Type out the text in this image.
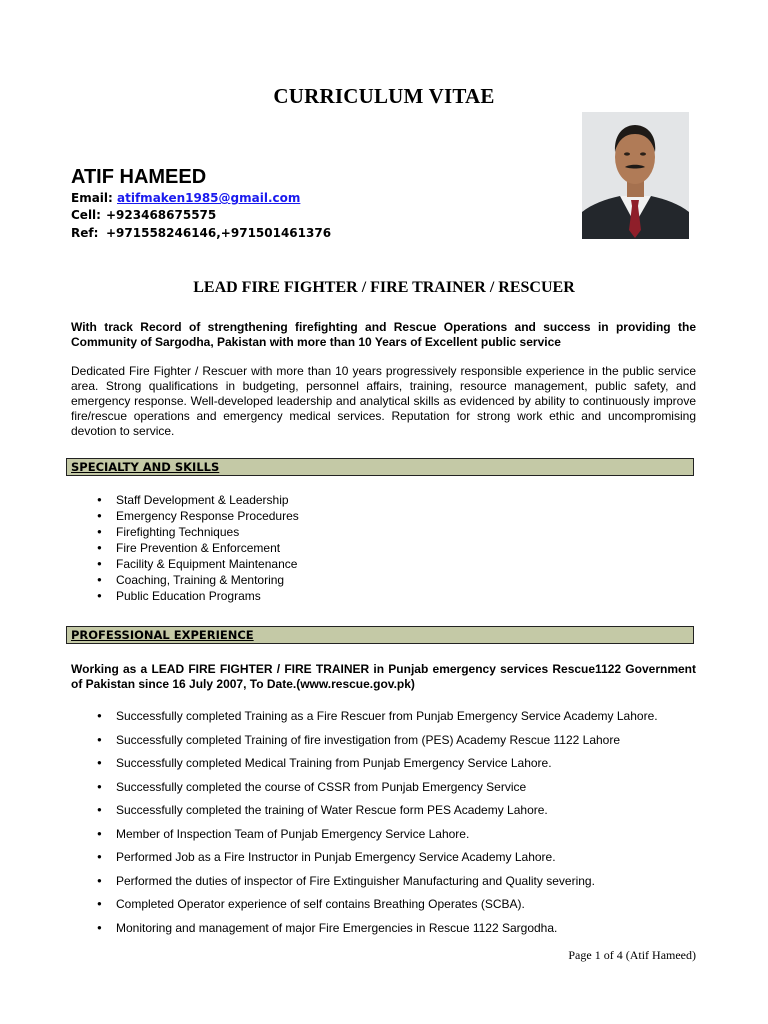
CURRICULUM VITAE
ATIF HAMEED
Email: atifmaken1985@gmail.com
Cell: +923468675575
Ref: +971558246146,+971501461376
LEAD FIRE FIGHTER / FIRE TRAINER / RESCUER
With track Record of strengthening firefighting and Rescue Operations and success in providing the Community of Sargodha, Pakistan with more than 10 Years of Excellent public service
Dedicated Fire Fighter / Rescuer with more than 10 years progressively responsible experience in the public service area. Strong qualifications in budgeting, personnel affairs, training, resource management, public safety, and emergency response. Well-developed leadership and analytical skills as evidenced by ability to continuously improve fire/rescue operations and emergency medical services. Reputation for strong work ethic and uncompromising devotion to service.
SPECIALTY AND SKILLS
● Staff Development & Leadership
● Emergency Response Procedures
● Firefighting Techniques
● Fire Prevention & Enforcement
● Facility & Equipment Maintenance
● Coaching, Training & Mentoring
● Public Education Programs
PROFESSIONAL EXPERIENCE
Working as a LEAD FIRE FIGHTER / FIRE TRAINER in Punjab emergency services Rescue1122 Government of Pakistan since 16 July 2007, To Date.(www.rescue.gov.pk)
● Successfully completed Training as a Fire Rescuer from Punjab Emergency Service Academy Lahore.
● Successfully completed Training of fire investigation from (PES) Academy Rescue 1122 Lahore
● Successfully completed Medical Training from Punjab Emergency Service Lahore.
● Successfully completed the course of CSSR from Punjab Emergency Service
● Successfully completed the training of Water Rescue form PES Academy Lahore.
● Member of Inspection Team of Punjab Emergency Service Lahore.
● Performed Job as a Fire Instructor in Punjab Emergency Service Academy Lahore.
● Performed the duties of inspector of Fire Extinguisher Manufacturing and Quality severing.
● Completed Operator experience of self contains Breathing Operates (SCBA).
● Monitoring and management of major Fire Emergencies in Rescue 1122 Sargodha.
Page 1 of 4 (Atif Hameed)
